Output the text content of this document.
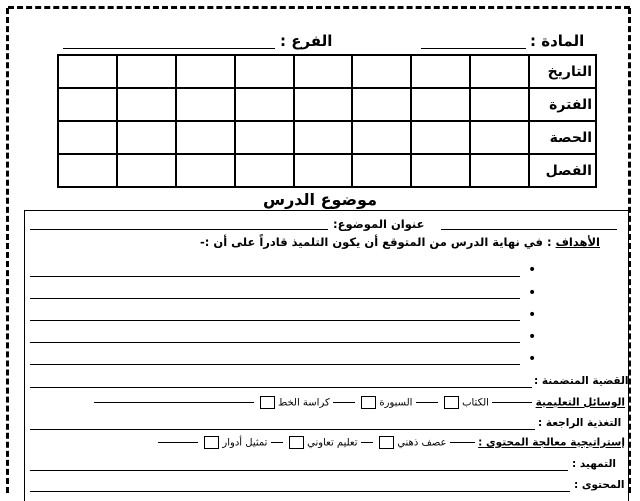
المادة :
الفرع :
								التاريخ
								الفترة
								الحصة
								الفصل
موضوع الدرس
عنوان الموضوع:
الأهداف : في نهاية الدرس من المتوقع أن يكون التلميذ قادراً على أن :-
•
•
•
•
•
القضية المتضمنة :
الوسائل التعليمية  الكتاب  السبورة  كراسة الخط
التغذية الراجعة :
إستراتيجية معالجة المحتوى :  عصف ذهني  تعليم تعاوني  تمثيل أدوار
التمهيد :
المحتوى :
